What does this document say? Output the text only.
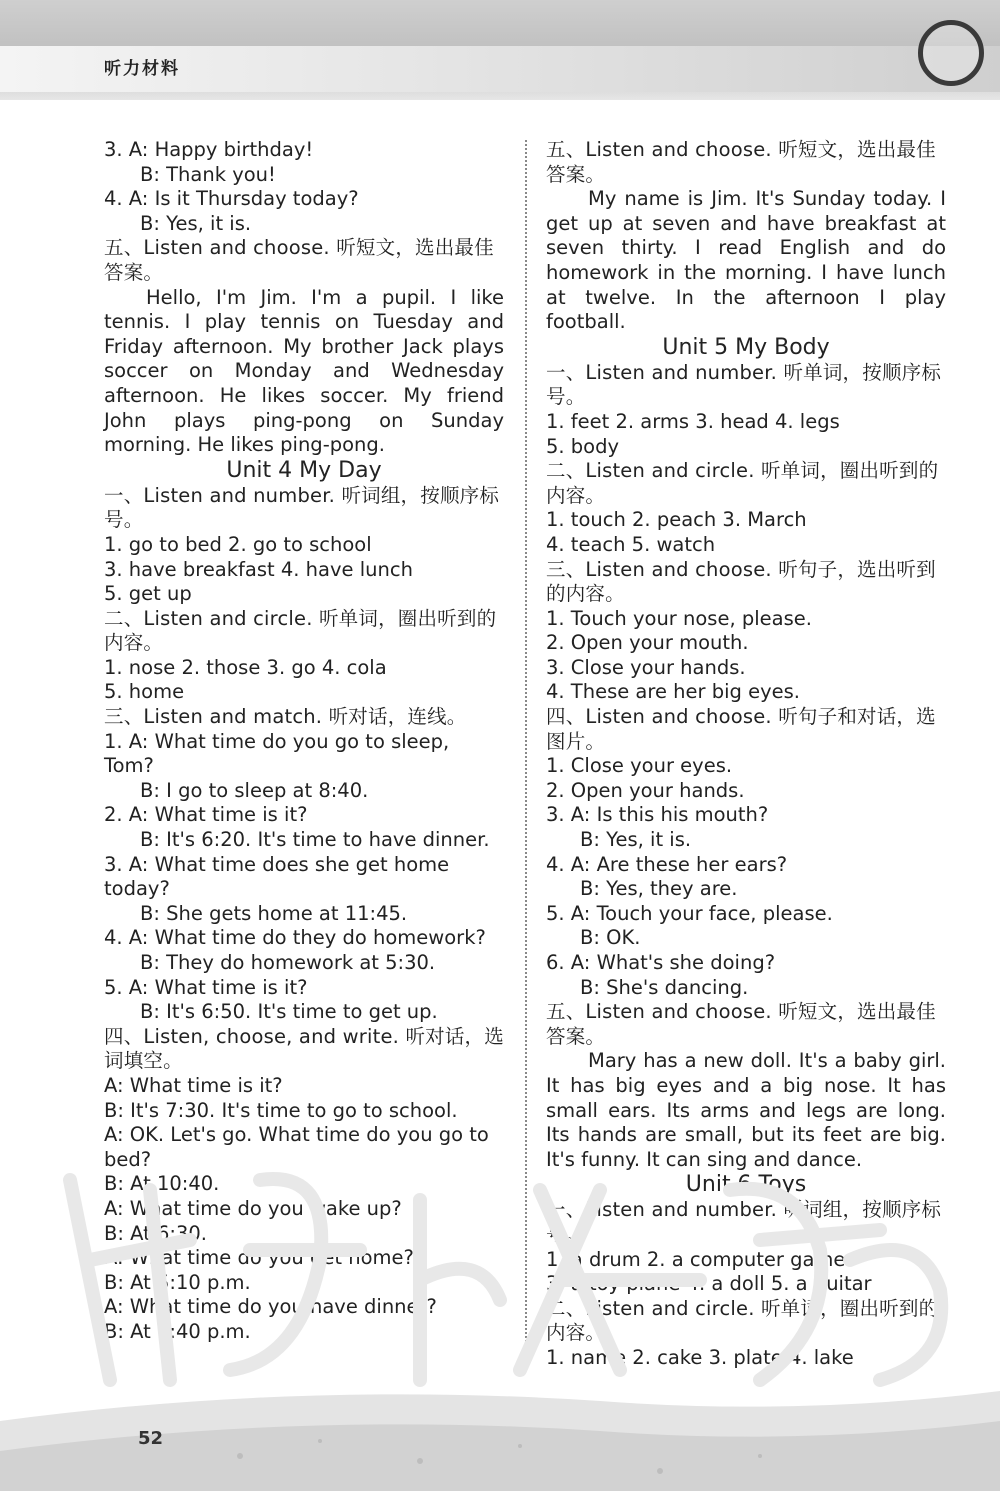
听力材料

3. A: Happy birthday!

B: Thank you!

4. A: Is it Thursday today?

B: Yes, it is.

五、Listen and choose. 听短文，选出最佳答案。

Hello, I'm Jim. I'm a pupil. I like tennis. I play tennis on Tuesday and Friday afternoon. My brother Jack plays soccer on Monday and Wednesday afternoon. He likes soccer. My friend John plays ping-pong on Sunday morning. He likes ping-pong.

Unit 4 My Day

一、Listen and number. 听词组，按顺序标号。

1. go to bed 2. go to school

3. have breakfast 4. have lunch

5. get up

二、Listen and circle. 听单词，圈出听到的内容。

1. nose 2. those 3. go 4. cola

5. home

三、Listen and match. 听对话，连线。

1. A: What time do you go to sleep, Tom?

B: I go to sleep at 8:40.

2. A: What time is it?

B: It's 6:20. It's time to have dinner.

3. A: What time does she get home today?

B: She gets home at 11:45.

4. A: What time do they do homework?

B: They do homework at 5:30.

5. A: What time is it?

B: It's 6:50. It's time to get up.

四、Listen, choose, and write. 听对话，选词填空。

A: What time is it?

B: It's 7:30. It's time to go to school.

A: OK. Let's go. What time do you go to bed?

B: At 10:40.

A: What time do you wake up?

B: At 6:30.

A: What time do you get home?

B: At 5:10 p.m.

A: What time do you have dinner?

B: At 6:40 p.m.

五、Listen and choose. 听短文，选出最佳答案。

My name is Jim. It's Sunday today. I get up at seven and have breakfast at seven thirty. I read English and do homework in the morning. I have lunch at twelve. In the afternoon I play football.

Unit 5 My Body

一、Listen and number. 听单词，按顺序标号。

1. feet 2. arms 3. head 4. legs

5. body

二、Listen and circle. 听单词，圈出听到的内容。

1. touch 2. peach 3. March

4. teach 5. watch

三、Listen and choose. 听句子，选出听到的内容。

1. Touch your nose, please.

2. Open your mouth.

3. Close your hands.

4. These are her big eyes.

四、Listen and choose. 听句子和对话，选图片。

1. Close your eyes.

2. Open your hands.

3. A: Is this his mouth?

B: Yes, it is.

4. A: Are these her ears?

B: Yes, they are.

5. A: Touch your face, please.

B: OK.

6. A: What's she doing?

B: She's dancing.

五、Listen and choose. 听短文，选出最佳答案。

Mary has a new doll. It's a baby girl. It has big eyes and a big nose. It has small ears. Its arms and legs are long. Its hands are small, but its feet are big. It's funny. It can sing and dance.

Unit 6 Toys

一、Listen and number. 听词组，按顺序标号。

1. a drum 2. a computer game

3. a toy plane 4. a doll 5. a guitar

二、Listen and circle. 听单词，圈出听到的内容。

1. name 2. cake 3. plate 4. lake

52
